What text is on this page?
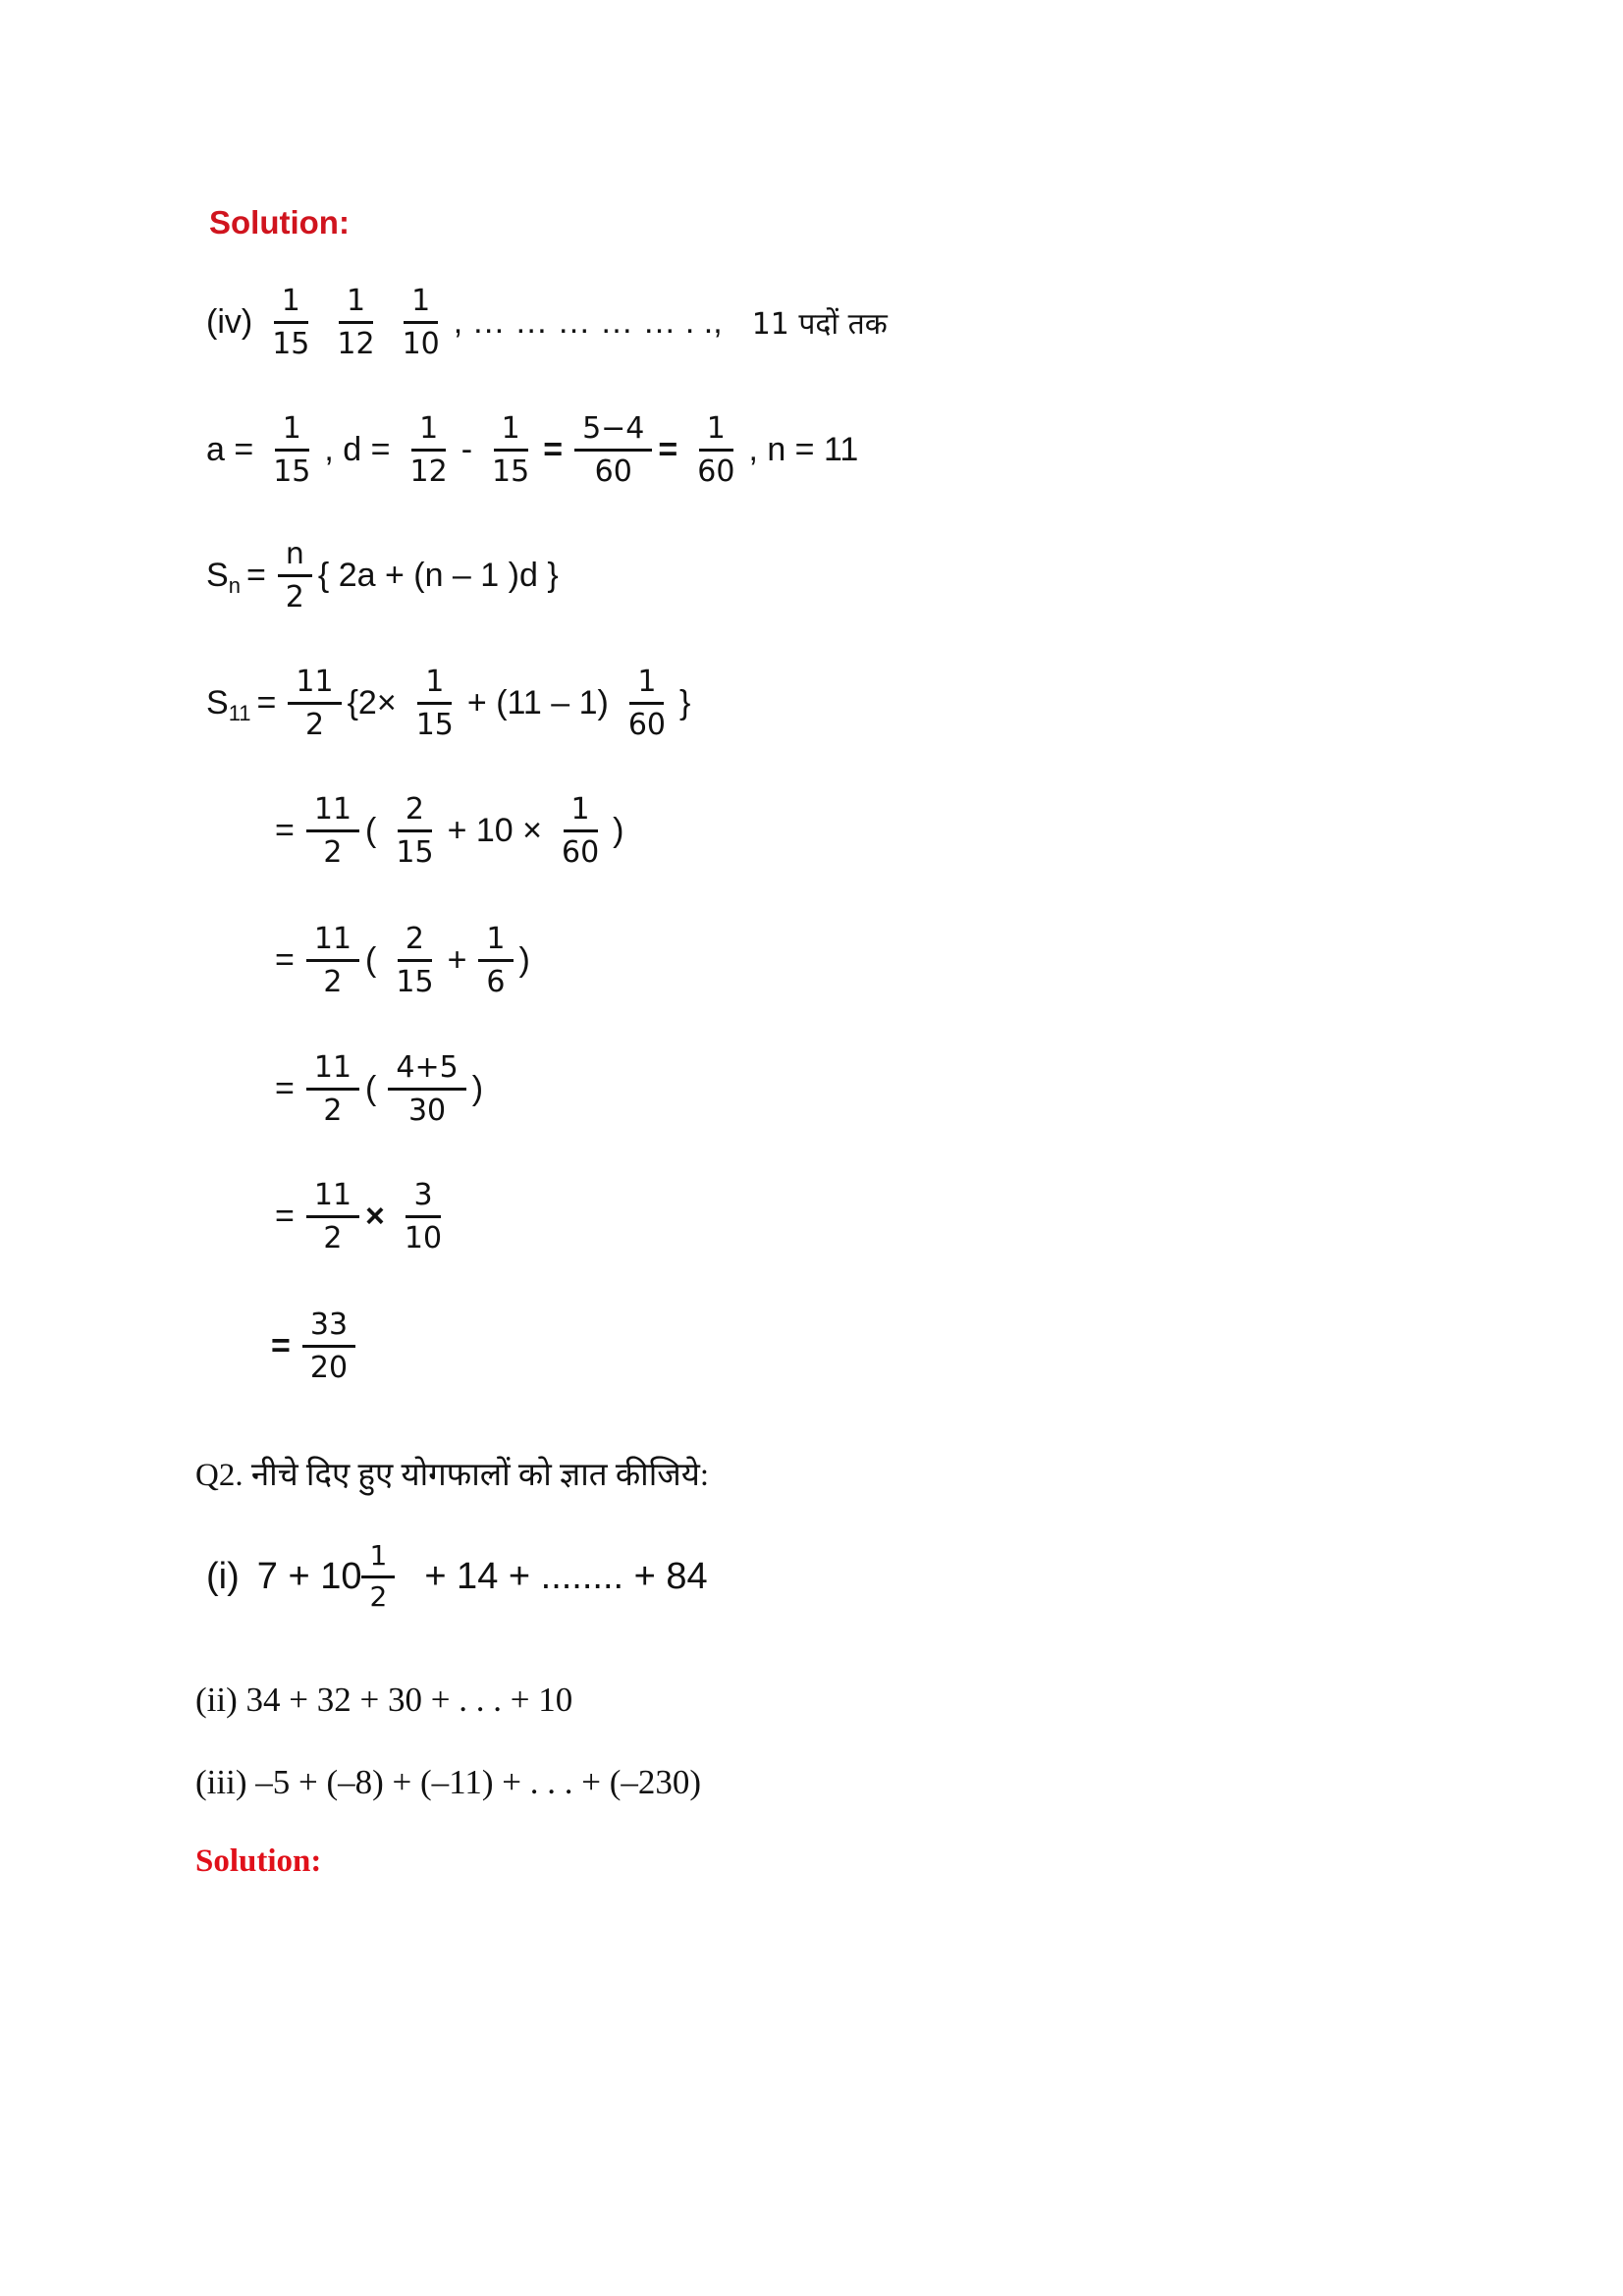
Solution:
$(iv) \frac{1}{15} \frac{1}{12} \frac{1}{10}$ , … … … … … . ., 11 पदों तक
$a = \frac{1}{15}$ , $d = \frac{1}{12} - \frac{1}{15} = \frac{5-4}{60} = \frac{1}{60}$ , n = 11
S $n = \frac{n}{2}$ { 2a + (n – 1 )d }
S $11 = \frac{11}{2} \{2\times \frac{1}{15} + (11 - 1) \frac{1}{60}$ }
= $\frac{11}{2}$ ( $\frac{2}{15} + 10 \times \frac{1}{60}$ )
= $\frac{11}{2}$ ( $\frac{2}{15} + \frac{1}{6}$ )
= $\frac{11}{2}$ ( $\frac{4+5}{30}$ )
= $\frac{11}{2} \times \frac{3}{10}$
= $\frac{33}{20}$
Q2. नीचे दिए हुए योगफालों को ज्ञात कीजिये:
(i) $7 + 10 \frac{1}{2} + 14$ + ........ + 84
(ii) 34 + 32 + 30 + . . . + 10
(iii) –5 + (–8) + (–11) + . . . + (–230)
Solution:
